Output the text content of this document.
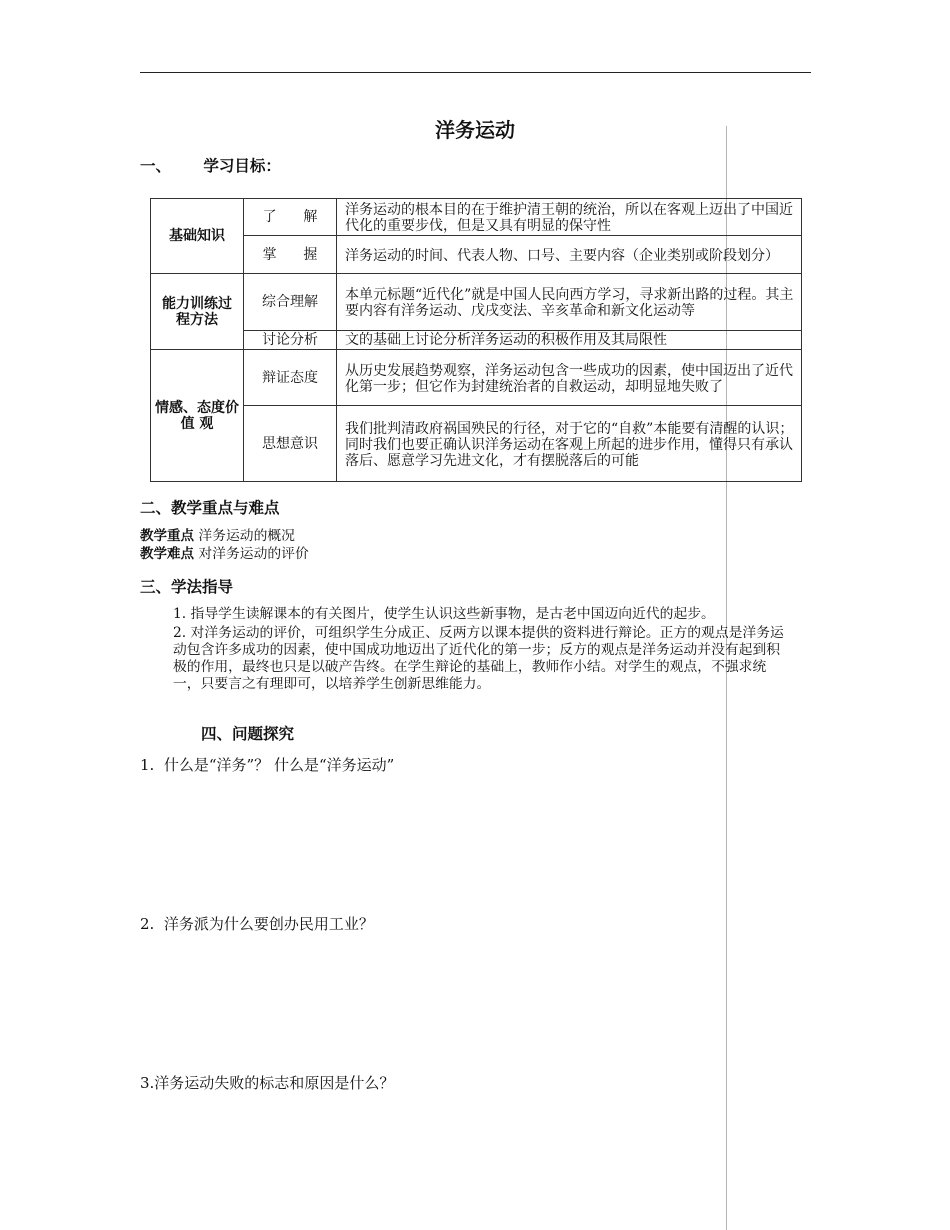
洋务运动
一、      学习目标：
基础知识	了      解	洋务运动的根本目的在于维护清王朝的统治，所以在客观上迈出了中国近代化的重要步伐，但是又具有明显的保守性
	掌      握	洋务运动的时间、代表人物、口号、主要内容（企业类别或阶段划分）

能力训练过程方法	综合理解	本单元标题“近代化”就是中国人民向西方学习，寻求新出路的过程。其主要内容有洋务运动、戊戌变法、辛亥革命和新文化运动等
	讨论分析	文的基础上讨论分析洋务运动的积极作用及其局限性

情感、态度价 值 观	辩证态度	从历史发展趋势观察，洋务运动包含一些成功的因素，使中国迈出了近代化第一步；但它作为封建统治者的自救运动，却明显地失败了
	思想意识	我们批判清政府祸国殃民的行径，对于它的“自救”本能要有清醒的认识；同时我们也要正确认识洋务运动在客观上所起的进步作用，懂得只有承认落后、愿意学习先进文化，才有摆脱落后的可能
二、教学重点与难点
教学重点 洋务运动的概况
教学难点 对洋务运动的评价
三、学法指导
1. 指导学生读解课本的有关图片，使学生认识这些新事物，是古老中国迈向近代的起步。
2. 对洋务运动的评价，可组织学生分成正、反两方以课本提供的资料进行辩论。正方的观点是洋务运动包含许多成功的因素，使中国成功地迈出了近代化的第一步；反方的观点是洋务运动并没有起到积极的作用，最终也只是以破产告终。在学生辩论的基础上，教师作小结。对学生的观点，不强求统一，只要言之有理即可，以培养学生创新思维能力。
四、问题探究
1.  什么是“洋务”？ 什么是“洋务运动”
2.  洋务派为什么要创办民用工业？
3.洋务运动失败的标志和原因是什么？
